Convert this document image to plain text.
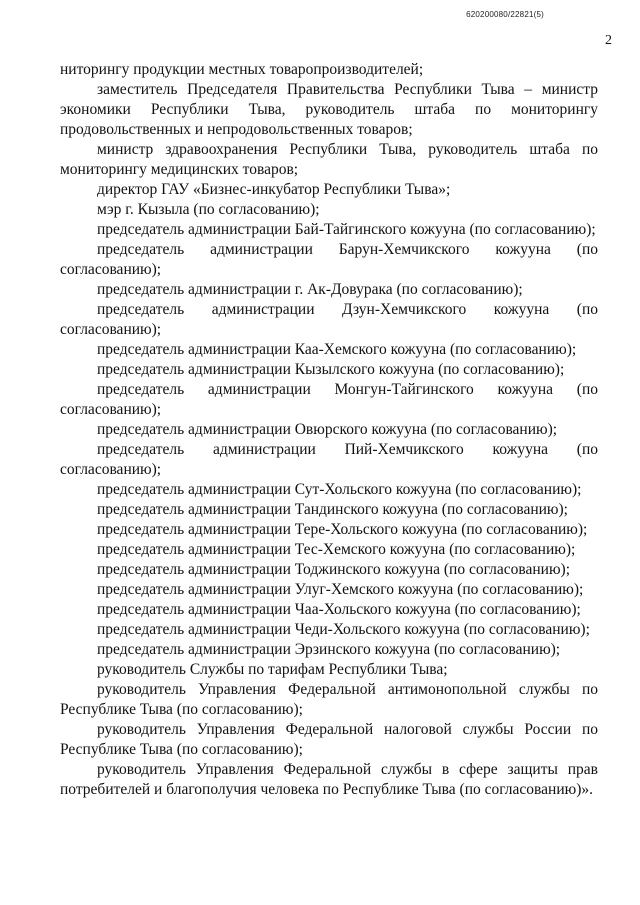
620200080/22821(5)
2

ниторингу продукции местных товаропроизводителей;

заместитель Председателя Правительства Республики Тыва – министр экономики Республики Тыва, руководитель штаба по мониторингу продовольственных и непродовольственных товаров;

министр здравоохранения Республики Тыва, руководитель штаба по мониторингу медицинских товаров;

директор ГАУ «Бизнес-инкубатор Республики Тыва»;

мэр г. Кызыла (по согласованию);

председатель администрации Бай-Тайгинского кожууна (по согласованию);

председатель администрации Барун-Хемчикского кожууна (по согласованию);

председатель администрации г. Ак-Довурака (по согласованию);

председатель администрации Дзун-Хемчикского кожууна (по согласованию);

председатель администрации Каа-Хемского кожууна (по согласованию);

председатель администрации Кызылского кожууна (по согласованию);

председатель администрации Монгун-Тайгинского кожууна (по согласованию);

председатель администрации Овюрского кожууна (по согласованию);

председатель администрации Пий-Хемчикского кожууна (по согласованию);

председатель администрации Сут-Хольского кожууна (по согласованию);

председатель администрации Тандинского кожууна (по согласованию);

председатель администрации Тере-Хольского кожууна (по согласованию);

председатель администрации Тес-Хемского кожууна (по согласованию);

председатель администрации Тоджинского кожууна (по согласованию);

председатель администрации Улуг-Хемского кожууна (по согласованию);

председатель администрации Чаа-Хольского кожууна (по согласованию);

председатель администрации Чеди-Хольского кожууна (по согласованию);

председатель администрации Эрзинского кожууна (по согласованию);

руководитель Службы по тарифам Республики Тыва;

руководитель Управления Федеральной антимонопольной службы по Республике Тыва (по согласованию);

руководитель Управления Федеральной налоговой службы России по Республике Тыва (по согласованию);

руководитель Управления Федеральной службы в сфере защиты прав потребителей и благополучия человека по Республике Тыва (по согласованию)».
